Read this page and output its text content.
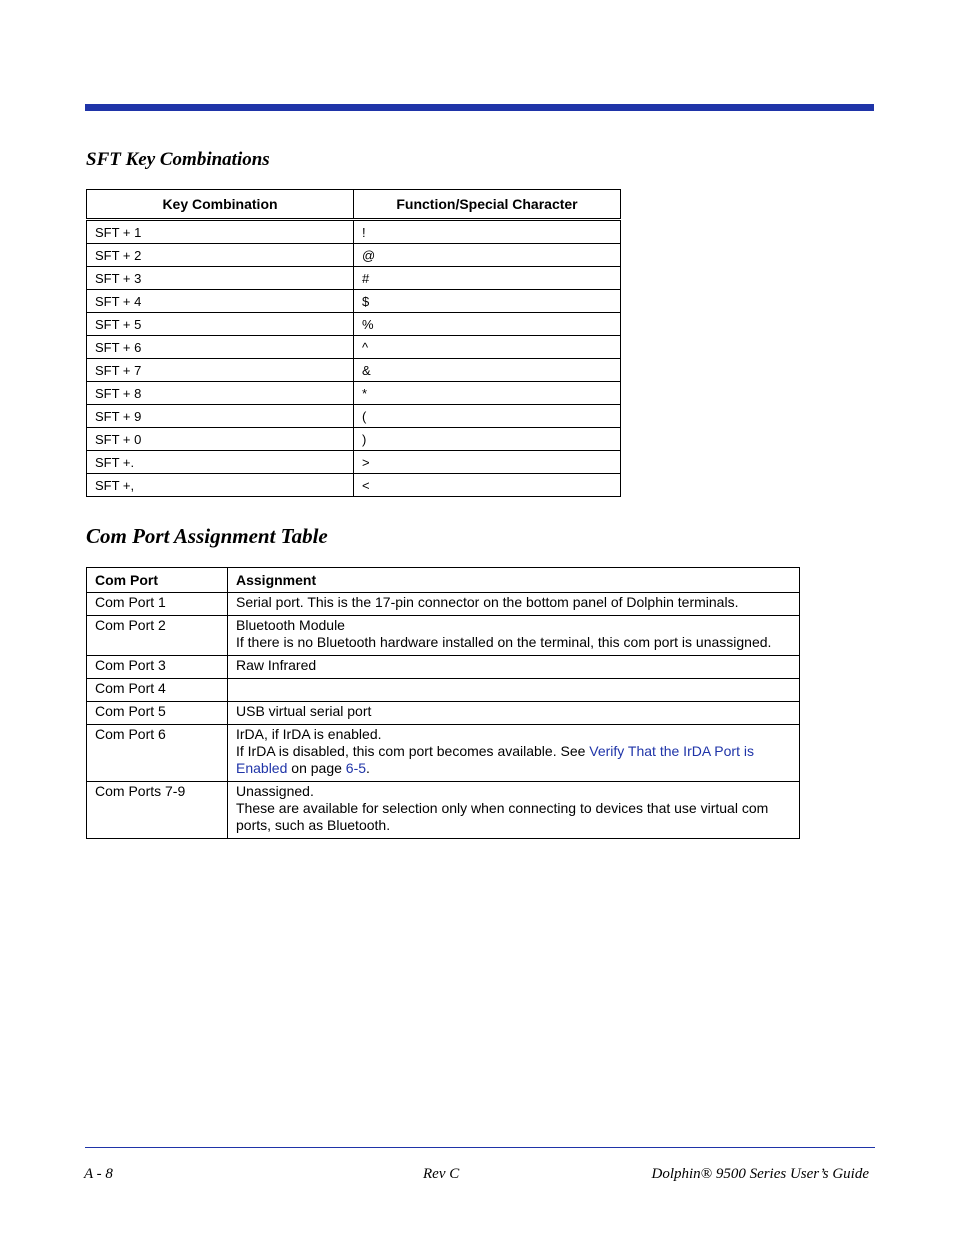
SFT Key Combinations
Key Combination	Function/Special Character
SFT + 1	!
SFT + 2	@
SFT + 3	#
SFT + 4	$
SFT + 5	%
SFT + 6	^
SFT + 7	&
SFT + 8	*
SFT + 9	(
SFT + 0	)
SFT +.	>
SFT +,	<
Com Port Assignment Table
Com Port	Assignment
Com Port 1	Serial port. This is the 17-pin connector on the bottom panel of Dolphin terminals.

Com Port 2	Bluetooth Module
If there is no Bluetooth hardware installed on the terminal, this com port is unassigned.

Com Port 3	Raw Infrared

Com Port 4	
Com Port 5	USB virtual serial port

Com Port 6	IrDA, if IrDA is enabled.
If IrDA is disabled, this com port becomes available. See Verify That the IrDA Port is Enabled on page 6-5.

Com Ports 7-9	Unassigned.
These are available for selection only when connecting to devices that use virtual com ports, such as Bluetooth.
A - 8	Rev C	Dolphin® 9500 Series User’s Guide
